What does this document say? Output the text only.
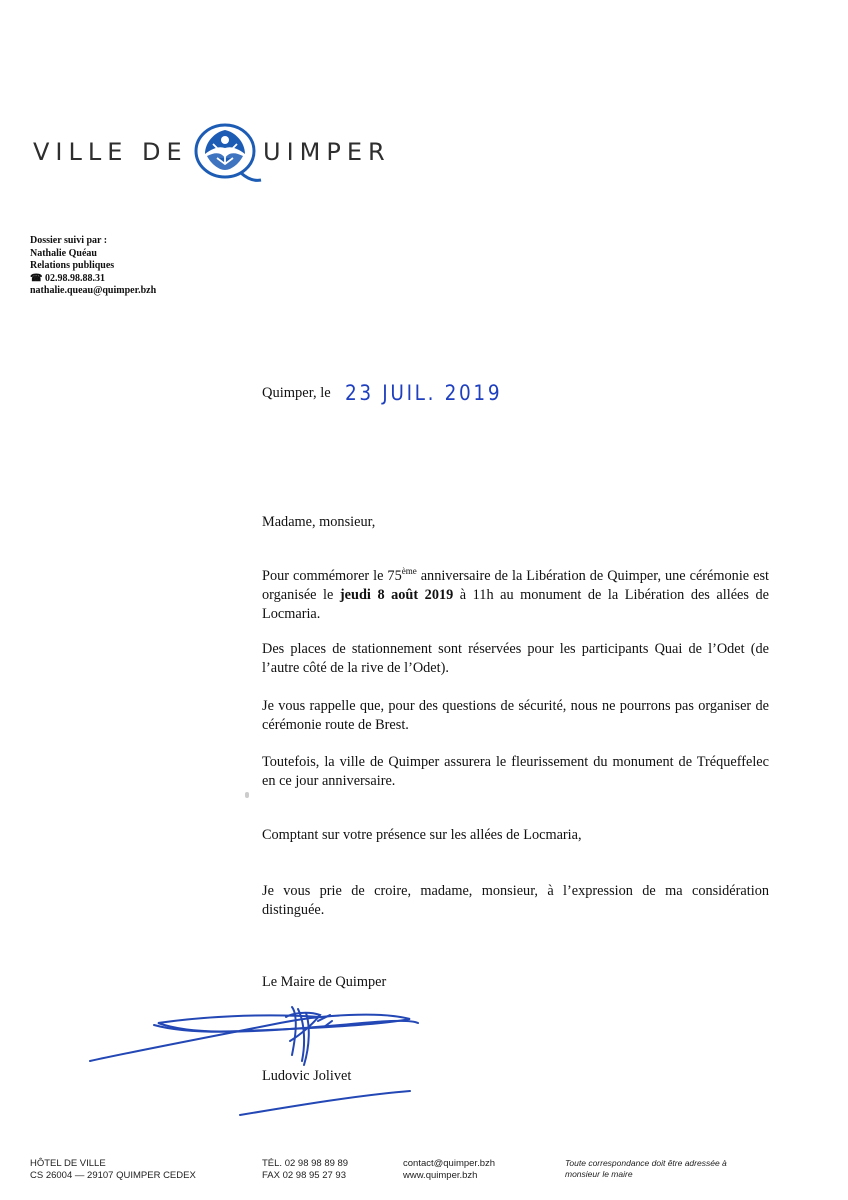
VILLE DE	UIMPER
Dossier suivi par :
Nathalie Quéau
Relations publiques
☎ 02.98.98.88.31
nathalie.queau@quimper.bzh
Quimper, le 23 JUIL. 2019
Madame, monsieur,
Pour commémorer le 75ème anniversaire de la Libération de Quimper, une cérémonie est organisée le jeudi 8 août 2019 à 11h au monument de la Libération des allées de Locmaria.
Des places de stationnement sont réservées pour les participants Quai de l’Odet (de l’autre côté de la rive de l’Odet).
Je vous rappelle que, pour des questions de sécurité, nous ne pourrons pas organiser de cérémonie route de Brest.
Toutefois, la ville de Quimper assurera le fleurissement du monument de Tréqueffelec en ce jour anniversaire.
Comptant sur votre présence sur les allées de Locmaria,
Je vous prie de croire, madame, monsieur, à l’expression de ma considération distinguée.
Le Maire de Quimper
Ludovic Jolivet
HÔTEL DE VILLE
CS 26004 — 29107 QUIMPER CEDEX
TÉL. 02 98 98 89 89
FAX 02 98 95 27 93
contact@quimper.bzh
www.quimper.bzh
Toute correspondance doit être adressée à
monsieur le maire
